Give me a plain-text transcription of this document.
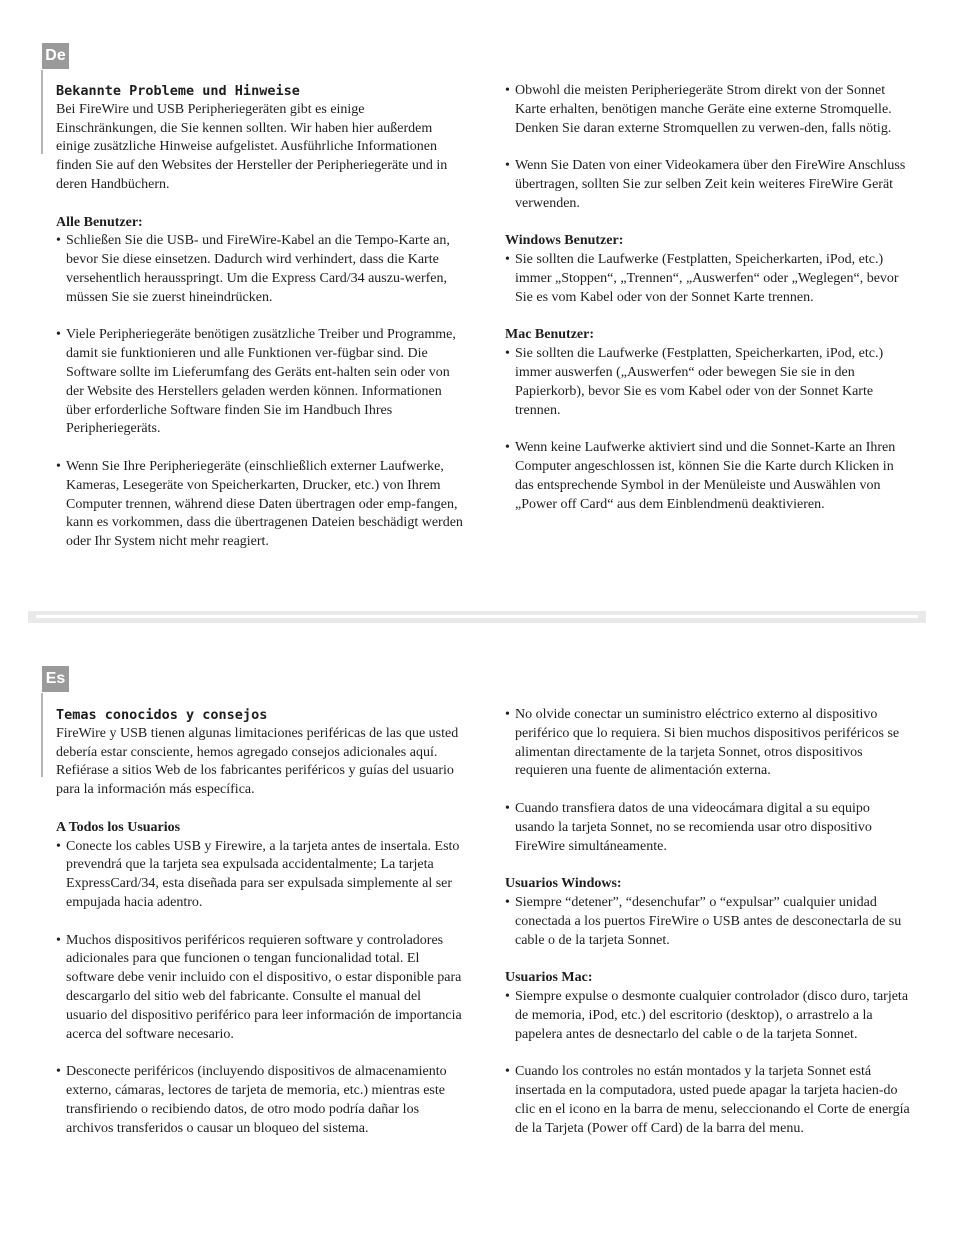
De
Bekannte Probleme und Hinweise
Bei FireWire und USB Peripheriegeräten gibt es einige Einschränkungen, die Sie kennen sollten. Wir haben hier außerdem einige zusätzliche Hinweise aufgelistet. Ausführliche Informationen finden Sie auf den Websites der Hersteller der Peripheriegeräte und in deren Handbüchern.
Alle Benutzer:
• Schließen Sie die USB- und FireWire-Kabel an die Tempo-Karte an, bevor Sie diese einsetzen. Dadurch wird verhindert, dass die Karte versehentlich herausspringt. Um die Express Card/34 auszu-werfen, müssen Sie sie zuerst hineindrücken.
• Viele Peripheriegeräte benötigen zusätzliche Treiber und Programme, damit sie funktionieren und alle Funktionen ver-fügbar sind. Die Software sollte im Lieferumfang des Geräts ent-halten sein oder von der Website des Herstellers geladen werden können. Informationen über erforderliche Software finden Sie im Handbuch Ihres Peripheriegeräts.
• Wenn Sie Ihre Peripheriegeräte (einschließlich externer Laufwerke, Kameras, Lesegeräte von Speicherkarten, Drucker, etc.) von Ihrem Computer trennen, während diese Daten übertragen oder emp-fangen, kann es vorkommen, dass die übertragenen Dateien beschädigt werden oder Ihr System nicht mehr reagiert.
• Obwohl die meisten Peripheriegeräte Strom direkt von der Sonnet Karte erhalten, benötigen manche Geräte eine externe Stromquelle. Denken Sie daran externe Stromquellen zu verwen-den, falls nötig.
• Wenn Sie Daten von einer Videokamera über den FireWire Anschluss übertragen, sollten Sie zur selben Zeit kein weiteres FireWire Gerät verwenden.
Windows Benutzer:
• Sie sollten die Laufwerke (Festplatten, Speicherkarten, iPod, etc.) immer „Stoppen“, „Trennen“, „Auswerfen“ oder „Weglegen“, bevor Sie es vom Kabel oder von der Sonnet Karte trennen.
Mac Benutzer:
• Sie sollten die Laufwerke (Festplatten, Speicherkarten, iPod, etc.) immer auswerfen („Auswerfen“ oder bewegen Sie sie in den Papierkorb), bevor Sie es vom Kabel oder von der Sonnet Karte trennen.
• Wenn keine Laufwerke aktiviert sind und die Sonnet-Karte an Ihren Computer angeschlossen ist, können Sie die Karte durch Klicken in das entsprechende Symbol in der Menüleiste und Auswählen von „Power off Card“ aus dem Einblendmenü deaktivieren.
Es
Temas conocidos y consejos
FireWire y USB tienen algunas limitaciones periféricas de las que usted debería estar consciente, hemos agregado consejos adicionales aquí. Refiérase a sitios Web de los fabricantes periféricos y guías del usuario para la información más específica.
A Todos los Usuarios
• Conecte los cables USB y Firewire, a la tarjeta antes de insertala. Esto prevendrá que la tarjeta sea expulsada accidentalmente; La tarjeta ExpressCard/34, esta diseñada para ser expulsada simplemente al ser empujada hacia adentro.
• Muchos dispositivos periféricos requieren software y controladores adicionales para que funcionen o tengan funcionalidad total. El software debe venir incluido con el dispositivo, o estar disponible para descargarlo del sitio web del fabricante. Consulte el manual del usuario del dispositivo periférico para leer información de importancia acerca del software necesario.
• Desconecte periféricos (incluyendo dispositivos de almacenamiento externo, cámaras, lectores de tarjeta de memoria, etc.) mientras este transfiriendo o recibiendo datos, de otro modo podría dañar los archivos transferidos o causar un bloqueo del sistema.
• No olvide conectar un suministro eléctrico externo al dispositivo periférico que lo requiera. Si bien muchos dispositivos periféricos se alimentan directamente de la tarjeta Sonnet, otros dispositivos requieren una fuente de alimentación externa.
• Cuando transfiera datos de una videocámara digital a su equipo usando la tarjeta Sonnet, no se recomienda usar otro dispositivo FireWire simultáneamente.
Usuarios Windows:
• Siempre “detener”, “desenchufar” o “expulsar” cualquier unidad conectada a los puertos FireWire o USB antes de desconectarla de su cable o de la tarjeta Sonnet.
Usuarios Mac:
• Siempre expulse o desmonte cualquier controlador (disco duro, tarjeta de memoria, iPod, etc.) del escritorio (desktop), o arrastrelo a la papelera antes de desnectarlo del cable o de la tarjeta Sonnet.
• Cuando los controles no están montados y la tarjeta Sonnet está insertada en la computadora, usted puede apagar la tarjeta hacien-do clic en el icono en la barra de menu, seleccionando el Corte de energía de la Tarjeta (Power off Card) de la barra del menu.
